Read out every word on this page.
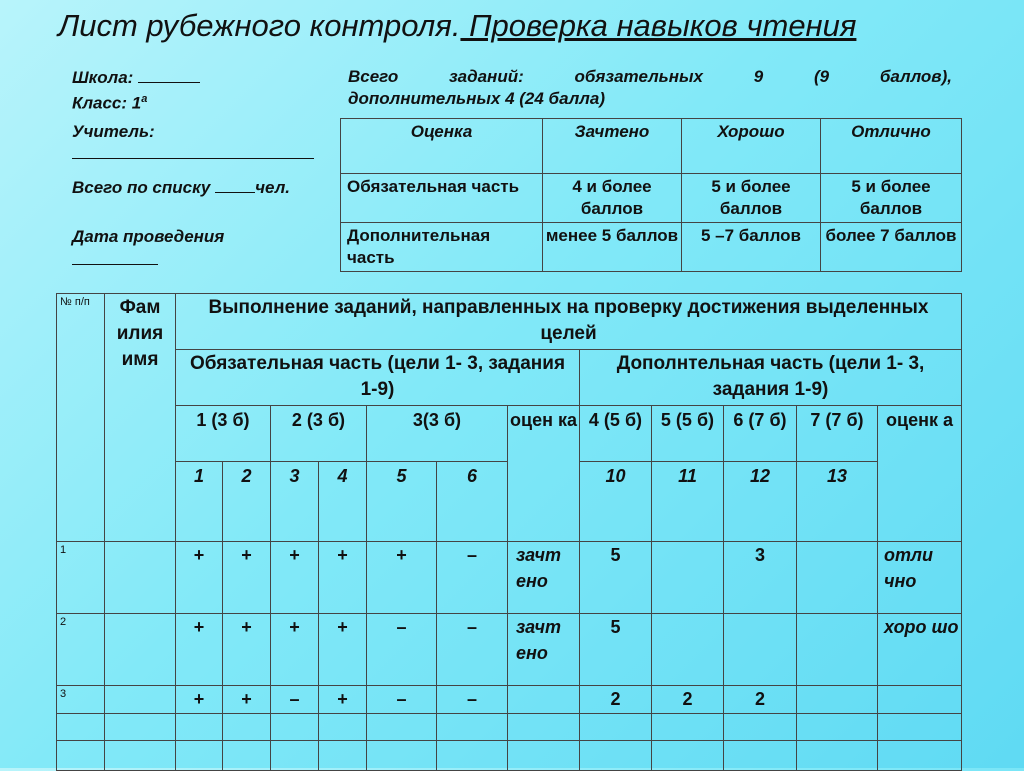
Лист рубежного контроля. Проверка навыков чтения
Школа:
Класс: $1^а$
Учитель:
Всего по списку чел.
Дата проведения
Всего	заданий:	обязательных	9	(9	баллов),
дополнительных 4 (24 балла)
Оценка	Зачтено	Хорошо	Отлично
Обязательная часть	4 и более баллов	5 и более баллов	5 и более баллов
Дополнительная часть	менее 5 баллов	5 –7 баллов	более 7 баллов
№ п/п	Фам илия имя	Выполнение заданий, направленных на проверку достижения выделенных целей											
		Обязательная часть (цели 1- 3, задания 1-9)							Дополнтельная часть (цели 1- 3, задания 1-9)				
		1 (3 б)		2 (3 б)		3(3 б)		оцен ка	4 (5 б)	5 (5 б)	6 (7 б)	7 (7 б)	оценк а
		1	2	3	4	5	6		10	11	12	13	
1		+	+	+	+	+	–	зачт ено	5		3		отли чно
2		+	+	+	+	–	–	зачт ено	5				хоро шо
3		+	+	–	+	–	–		2	2	2		
